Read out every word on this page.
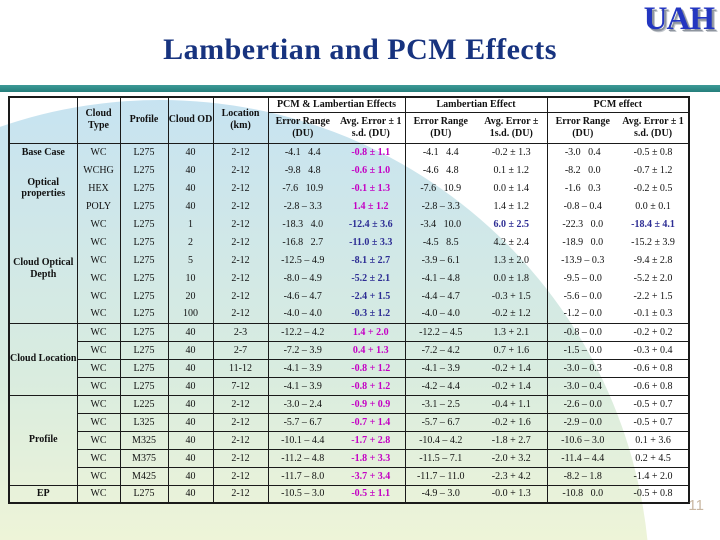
UAH
Lambertian and PCM Effects
	Cloud Type	Profile	Cloud OD	Location (km)	PCM & Lambertian Effects		Lambertian Effect		PCM effect	
					Error Range (DU)	Avg. Error ± 1 s.d. (DU)	Error Range (DU)	Avg. Error ± 1s.d. (DU)	Error Range (DU)	Avg. Error ± 1 s.d. (DU)
Base Case	WC	L275	40	2-12	-4.1   4.4	-0.8 ± 1.1	-4.1   4.4	-0.2 ± 1.3	-3.0   0.4	-0.5 ± 0.8
Optical properties	WCHG	L275	40	2-12	-9.8   4.8	-0.6 ± 1.0	-4.6   4.8	0.1 ± 1.2	-8.2   0.0	-0.7 ± 1.2
	HEX	L275	40	2-12	-7.6   10.9	-0.1 ± 1.3	-7.6   10.9	0.0 ± 1.4	-1.6   0.3	-0.2 ± 0.5
	POLY	L275	40	2-12	-2.8 – 3.3	1.4 ± 1.2	-2.8 – 3.3	1.4 ± 1.2	-0.8 – 0.4	0.0 ± 0.1
Cloud Optical Depth	WC	L275	1	2-12	-18.3   4.0	-12.4 ± 3.6	-3.4   10.0	6.0 ± 2.5	-22.3   0.0	-18.4 ± 4.1
	WC	L275	2	2-12	-16.8   2.7	-11.0 ± 3.3	-4.5   8.5	4.2 ± 2.4	-18.9   0.0	-15.2 ± 3.9
	WC	L275	5	2-12	-12.5 – 4.9	-8.1 ± 2.7	-3.9 – 6.1	1.3 ± 2.0	-13.9 – 0.3	-9.4 ± 2.8
	WC	L275	10	2-12	-8.0 – 4.9	-5.2 ± 2.1	-4.1 – 4.8	0.0 ± 1.8	-9.5 – 0.0	-5.2 ± 2.0
	WC	L275	20	2-12	-4.6 – 4.7	-2.4 + 1.5	-4.4 – 4.7	-0.3 + 1.5	-5.6 – 0.0	-2.2 + 1.5
	WC	L275	100	2-12	-4.0 – 4.0	-0.3 ± 1.2	-4.0 – 4.0	-0.2 ± 1.2	-1.2 – 0.0	-0.1 ± 0.3
Cloud Location	WC	L275	40	2-3	-12.2 – 4.2	1.4 + 2.0	-12.2 – 4.5	1.3 + 2.1	-0.8 – 0.0	-0.2 + 0.2
	WC	L275	40	2-7	-7.2 – 3.9	0.4 + 1.3	-7.2 – 4.2	0.7 + 1.6	-1.5 – 0.0	-0.3 + 0.4
	WC	L275	40	11-12	-4.1 – 3.9	-0.8 + 1.2	-4.1 – 3.9	-0.2 + 1.4	-3.0 – 0.3	-0.6 + 0.8
	WC	L275	40	7-12	-4.1 – 3.9	-0.8 + 1.2	-4.2 – 4.4	-0.2 + 1.4	-3.0 – 0.4	-0.6 + 0.8
Profile	WC	L225	40	2-12	-3.0 – 2.4	-0.9 + 0.9	-3.1 – 2.5	-0.4 + 1.1	-2.6 – 0.0	-0.5 + 0.7
	WC	L325	40	2-12	-5.7 – 6.7	-0.7 + 1.4	-5.7 – 6.7	-0.2 + 1.6	-2.9 – 0.0	-0.5 + 0.7
	WC	M325	40	2-12	-10.1 – 4.4	-1.7 + 2.8	-10.4 – 4.2	-1.8 + 2.7	-10.6 – 3.0	0.1 + 3.6
	WC	M375	40	2-12	-11.2 – 4.8	-1.8 + 3.3	-11.5 – 7.1	-2.0 + 3.2	-11.4 – 4.4	0.2 + 4.5
	WC	M425	40	2-12	-11.7 – 8.0	-3.7 + 3.4	-11.7 – 11.0	-2.3 + 4.2	-8.2 – 1.8	-1.4 + 2.0
EP	WC	L275	40	2-12	-10.5 – 3.0	-0.5 ± 1.1	-4.9 – 3.0	-0.0 + 1.3	-10.8   0.0	-0.5 + 0.8
11
